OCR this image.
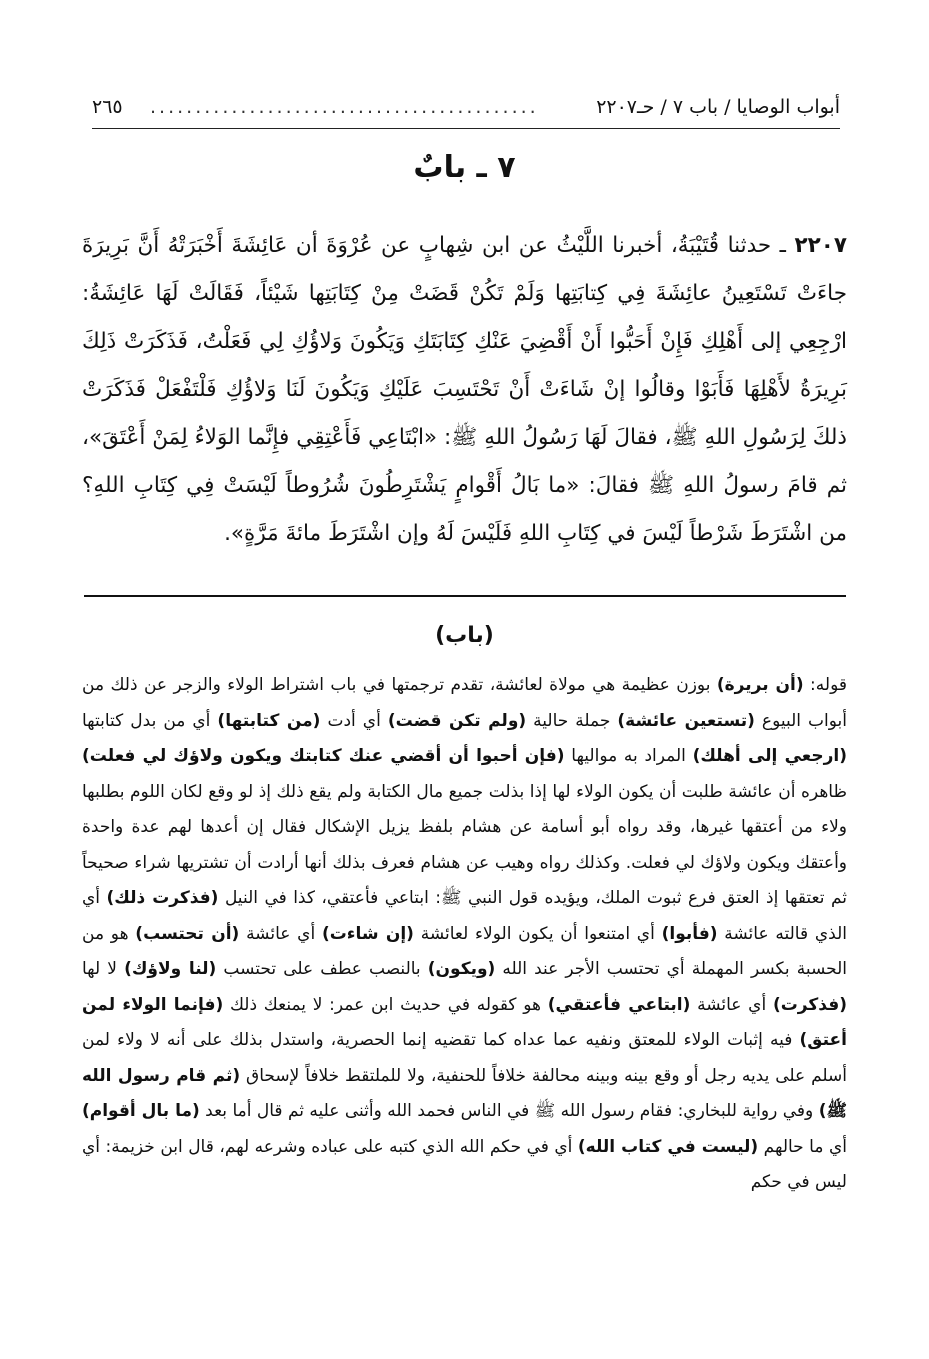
أبواب الوصايا / باب ٧ / حـ٢٢٠٧
...........................................
٢٦٥
٧ ـ بابٌ

٢٢٠٧ ـ حدثنا قُتَيْبَةُ، أخبرنا اللَّيْثُ عن ابن شِهابٍ عن عُرْوَةَ أن عَائِشَةَ أَخْبَرَتْهُ أَنَّ بَرِيرَةَ جاءَتْ تَسْتَعِينُ عائِشَةَ فِي كِتابَتِها وَلَمْ تَكُنْ قَضَتْ مِنْ كِتَابَتِها شَيْئاً، فَقَالَتْ لَهَا عَائِشَةُ: ارْجِعِي إلى أَهْلِكِ فَإِنْ أَحَبُّوا أَنْ أَقْضِيَ عَنْكِ كِتَابَتَكِ وَيَكُونَ وَلاؤُكِ لِي فَعَلْتُ، فَذَكَرَتْ ذَلِكَ بَرِيرَةُ لأَهْلِهَا فَأَبَوْا وقالُوا إنْ شَاءَتْ أَنْ تَحْتَسِبَ عَلَيْكِ وَيَكُونَ لَنَا وَلاؤُكِ فَلْتَفْعَلْ فَذَكَرَتْ ذلكَ لِرَسُولِ اللهِ ﷺ، فقالَ لَهَا رَسُولُ اللهِ ﷺ: «ابْتَاعِي فَأَعْتِقِي فإِنَّما الوَلاءُ لِمَنْ أَعْتَقَ»، ثم قامَ رسولُ اللهِ ﷺ فقالَ: «ما بَالُ أَقْوامٍ يَشْتَرِطُونَ شُرُوطاً لَيْسَتْ فِي كِتَابِ اللهِ؟ من اشْتَرَطَ شَرْطاً لَيْسَ في كِتَابِ اللهِ فَلَيْسَ لَهُ وإن اشْتَرَطَ مائةَ مَرَّةٍ».

(باب)

قوله: (أن بريرة) بوزن عظيمة هي مولاة لعائشة، تقدم ترجمتها في باب اشتراط الولاء والزجر عن ذلك من أبواب البيوع (تستعين عائشة) جملة حالية (ولم تكن قضت) أي أدت (من كتابتها) أي من بدل كتابتها (ارجعي إلى أهلك) المراد به مواليها (فإن أحبوا أن أقضي عنك كتابتك ويكون ولاؤك لي فعلت) ظاهره أن عائشة طلبت أن يكون الولاء لها إذا بذلت جميع مال الكتابة ولم يقع ذلك إذ لو وقع لكان اللوم بطلبها ولاء من أعتقها غيرها، وقد رواه أبو أسامة عن هشام بلفظ يزيل الإشكال فقال إن أعدها لهم عدة واحدة وأعتقك ويكون ولاؤك لي فعلت. وكذلك رواه وهيب عن هشام فعرف بذلك أنها أرادت أن تشتريها شراء صحيحاً ثم تعتقها إذ العتق فرع ثبوت الملك، ويؤيده قول النبي ﷺ: ابتاعي فأعتقي، كذا في النيل (فذكرت ذلك) أي الذي قالته عائشة (فأبوا) أي امتنعوا أن يكون الولاء لعائشة (إن شاءت) أي عائشة (أن تحتسب) هو من الحسبة بكسر المهملة أي تحتسب الأجر عند الله (ويكون) بالنصب عطف على تحتسب (لنا ولاؤك) لا لها (فذكرت) أي عائشة (ابتاعي فأعتقي) هو كقوله في حديث ابن عمر: لا يمنعك ذلك (فإنما الولاء لمن أعتق) فيه إثبات الولاء للمعتق ونفيه عما عداه كما تقضيه إنما الحصرية، واستدل بذلك على أنه لا ولاء لمن أسلم على يديه رجل أو وقع بينه وبينه محالفة خلافاً للحنفية، ولا للملتقط خلافاً لإسحاق (ثم قام رسول الله ﷺ) وفي رواية للبخاري: فقام رسول الله ﷺ في الناس فحمد الله وأثنى عليه ثم قال أما بعد (ما بال أقوام) أي ما حالهم (ليست في كتاب الله) أي في حكم الله الذي كتبه على عباده وشرعه لهم، قال ابن خزيمة: أي ليس في حكم
